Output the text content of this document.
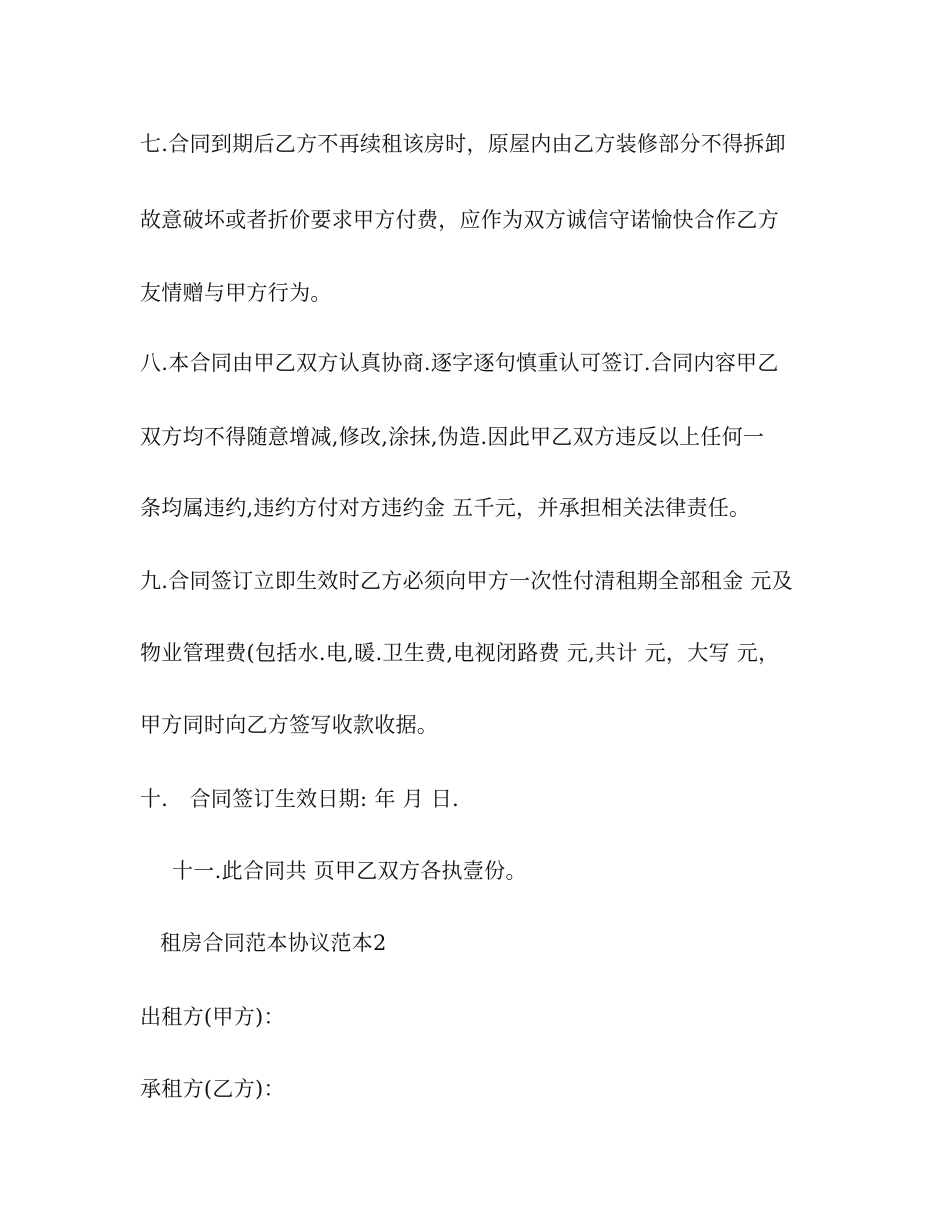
七.合同到期后乙方不再续租该房时，原屋内由乙方装修部分不得拆卸
故意破坏或者折价要求甲方付费，应作为双方诚信守诺愉快合作乙方
友情赠与甲方行为。
八.本合同由甲乙双方认真协商.逐字逐句慎重认可签订.合同内容甲乙
双方均不得随意增减,修改,涂抹,伪造.因此甲乙双方违反以上任何一
条均属违约,违约方付对方违约金 五千元，并承担相关法律责任。
九.合同签订立即生效时乙方必须向甲方一次性付清租期全部租金 元及
物业管理费(包括水.电,暖.卫生费,电视闭路费 元,共计 元，大写 元，
甲方同时向乙方签写收款收据。
十． 合同签订生效日期: 年 月 日．
十一.此合同共 页甲乙双方各执壹份。
租房合同范本协议范本2
出租方(甲方)：
承租方(乙方)：
